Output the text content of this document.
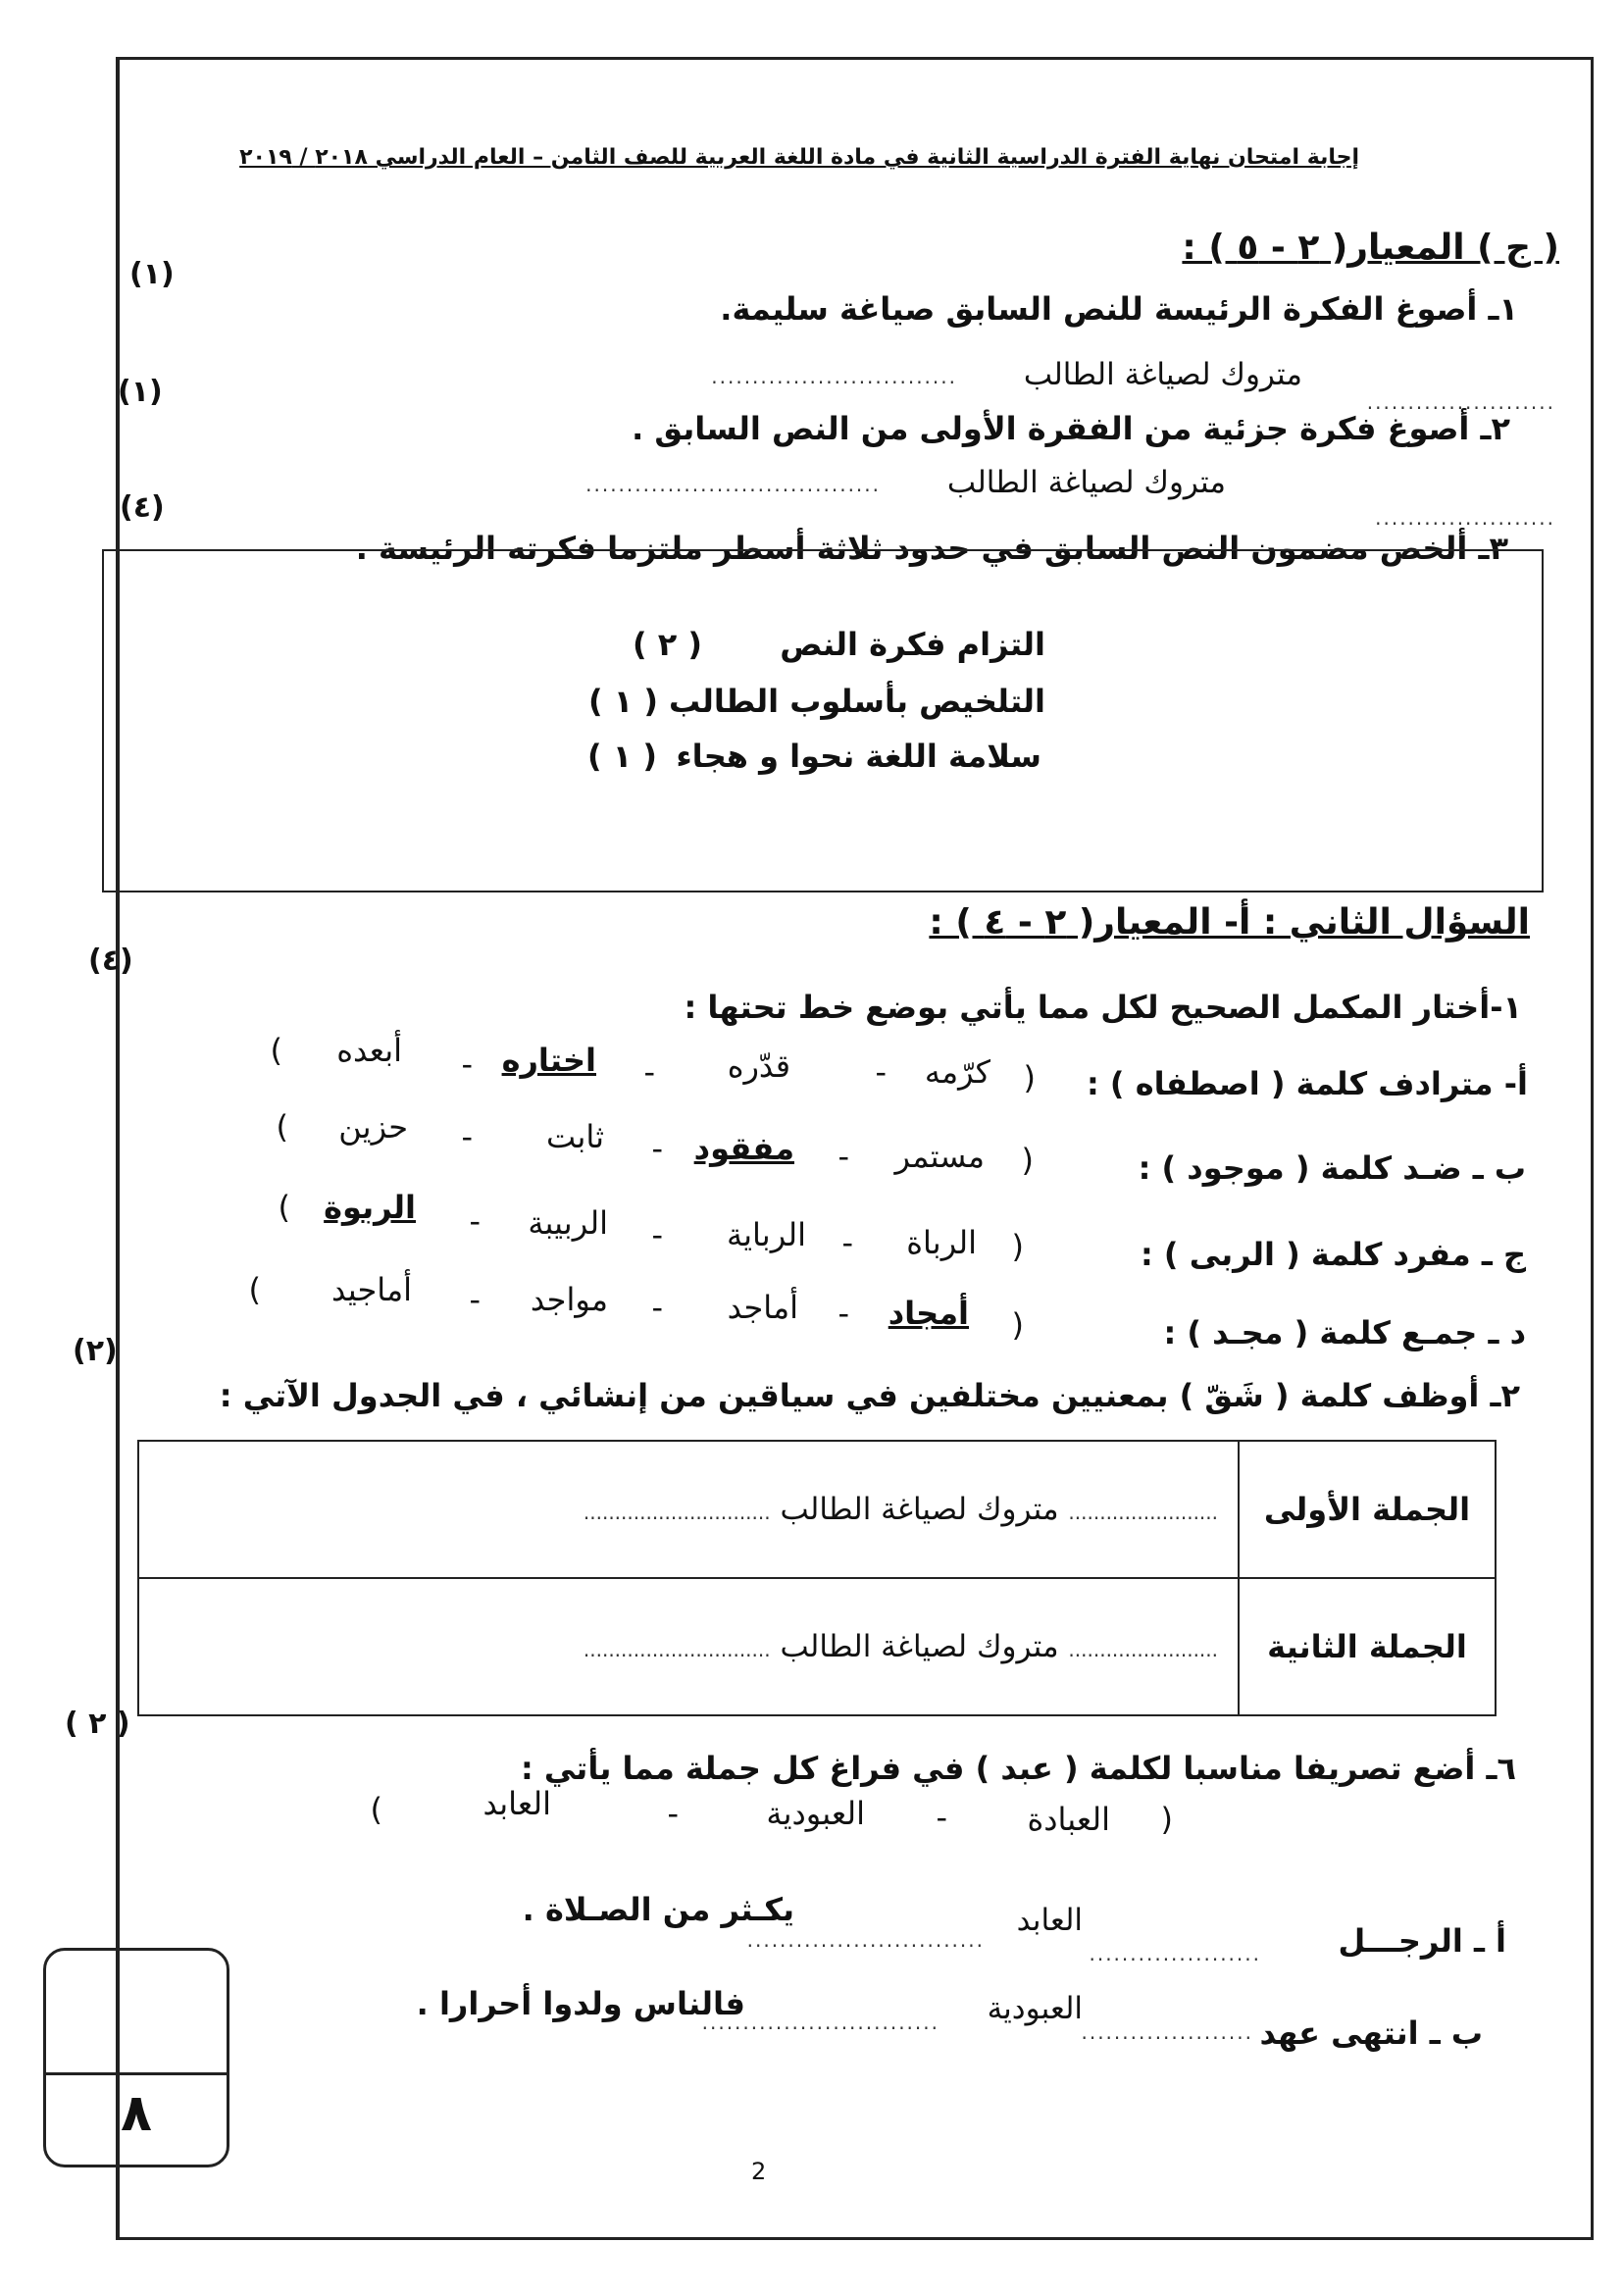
إجابة امتحان نهاية الفترة الدراسية الثانية في مادة اللغة العربية للصف الثامن – العام الدراسي ٢٠١٨ / ٢٠١٩
( ج ) المعيار( ٢ - ٥ ) :
(١)
١ـ أصوغ الفكرة الرئيسة للنص السابق صياغة سليمة.
.......................
متروك لصياغة الطالب
..............................
(١)
٢ـ أصوغ فكرة جزئية من الفقرة الأولى من النص السابق .
......................
متروك لصياغة الطالب
....................................
(٤)
٣ـ ألخص مضمون النص السابق في حدود ثلاثة أسطر ملتزما فكرته الرئيسة .
التزام فكرة النص
( ٢ )
التلخيص بأسلوب الطالب
( ١ )
سلامة اللغة نحوا و هجاء
( ١ )
السؤال الثاني : أ- المعيار( ٢ - ٤ ) :
(٤)
١-أختار المكمل الصحيح لكل مما يأتي بوضع خط تحتها :
أ- مترادف كلمة ( اصطفاه ) :
(
كرّمه
-
قدّره
-
اختاره
-
أبعده
)
ب ـ ضـد كلمة ( موجود ) :
(
مستمر
-
مفقود
-
ثابت
-
حزين
)
ج ـ مفرد كلمة ( الربى ) :
(
الرباة
-
الرباية
-
الربيبة
-
الربوة
)
د ـ جمـع كلمة ( مجـد ) :
(
أمجاد
-
أماجد
-
مواجد
-
أماجيد
)
(٢)
٢ـ أوظف كلمة ( شَقّ ) بمعنيين مختلفين في سياقين من إنشائي ، في الجدول الآتي :
الجملة الأولى	........................ متروك لصياغة الطالب ..............................
الجملة الثانية	........................ متروك لصياغة الطالب ..............................
( ٢ )
٦ـ أضع تصريفا مناسبا لكلمة ( عبد ) في فراغ كل جملة مما يأتي :
(
العبادة
-
العبودية
-
العابد
)
أ ـ الرجـــل
.....................
العابد
.............................
يكـثر من الصـلاة .
ب ـ انتهى عهد
.....................
العبودية
.............................
فالناس ولدوا أحرارا .
٨
2
